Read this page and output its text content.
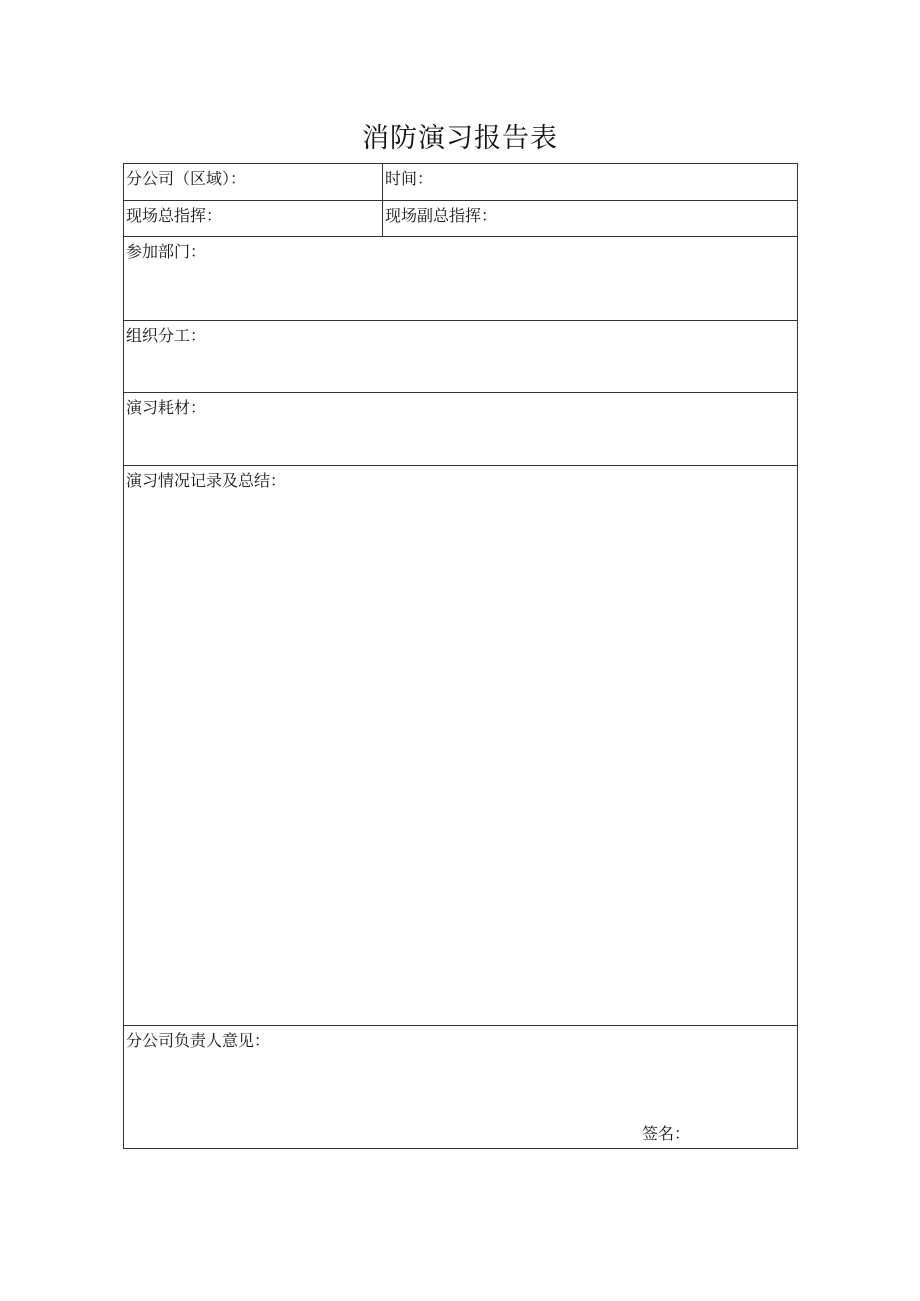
消防演习报告表
分公司（区域）：	时间：
现场总指挥：	现场副总指挥：
参加部门：
组织分工：
演习耗材：
演习情况记录及总结：
分公司负责人意见：
签名：
